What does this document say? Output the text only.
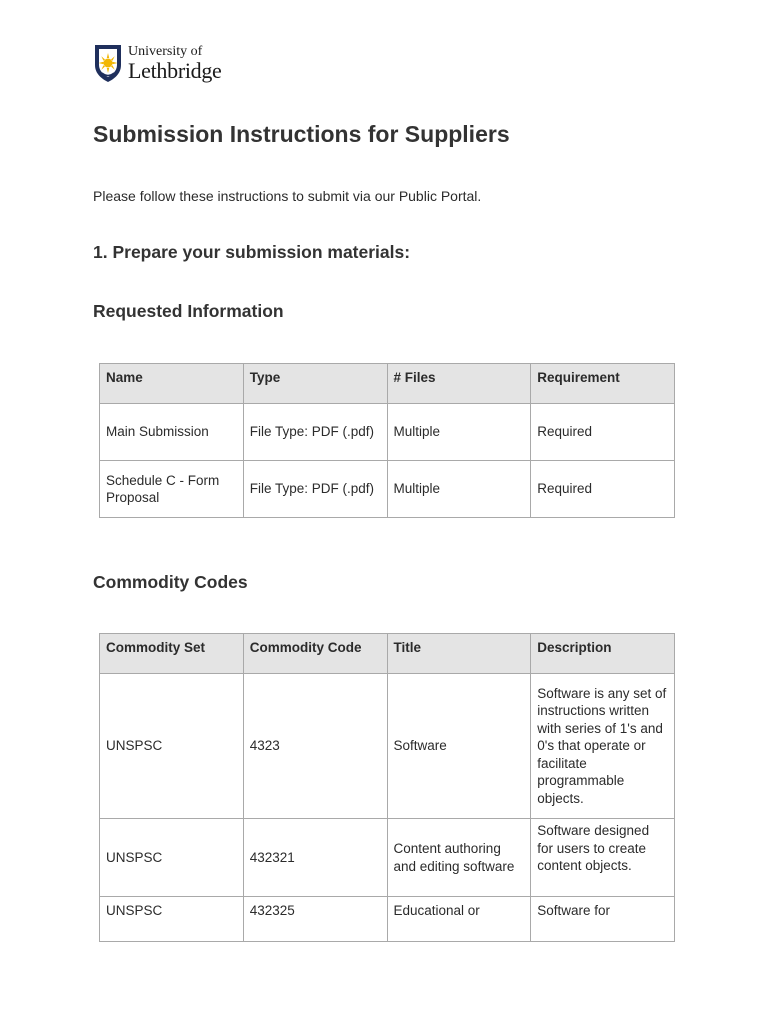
University of
Lethbridge
Submission Instructions for Suppliers

Please follow these instructions to submit via our Public Portal.

1. Prepare your submission materials:
Requested Information
Name	Type	# Files	Requirement
Main Submission	File Type: PDF (.pdf)	Multiple	Required
Schedule C - Form Proposal	File Type: PDF (.pdf)	Multiple	Required
Commodity Codes
Commodity Set	Commodity Code	Title	Description
UNSPSC	4323	Software	Software is any set of instructions written with series of 1's and 0's that operate or facilitate programmable objects.
UNSPSC	432321	Content authoring and editing software	Software designed for users to create content objects.
UNSPSC	432325	Educational or	Software for
